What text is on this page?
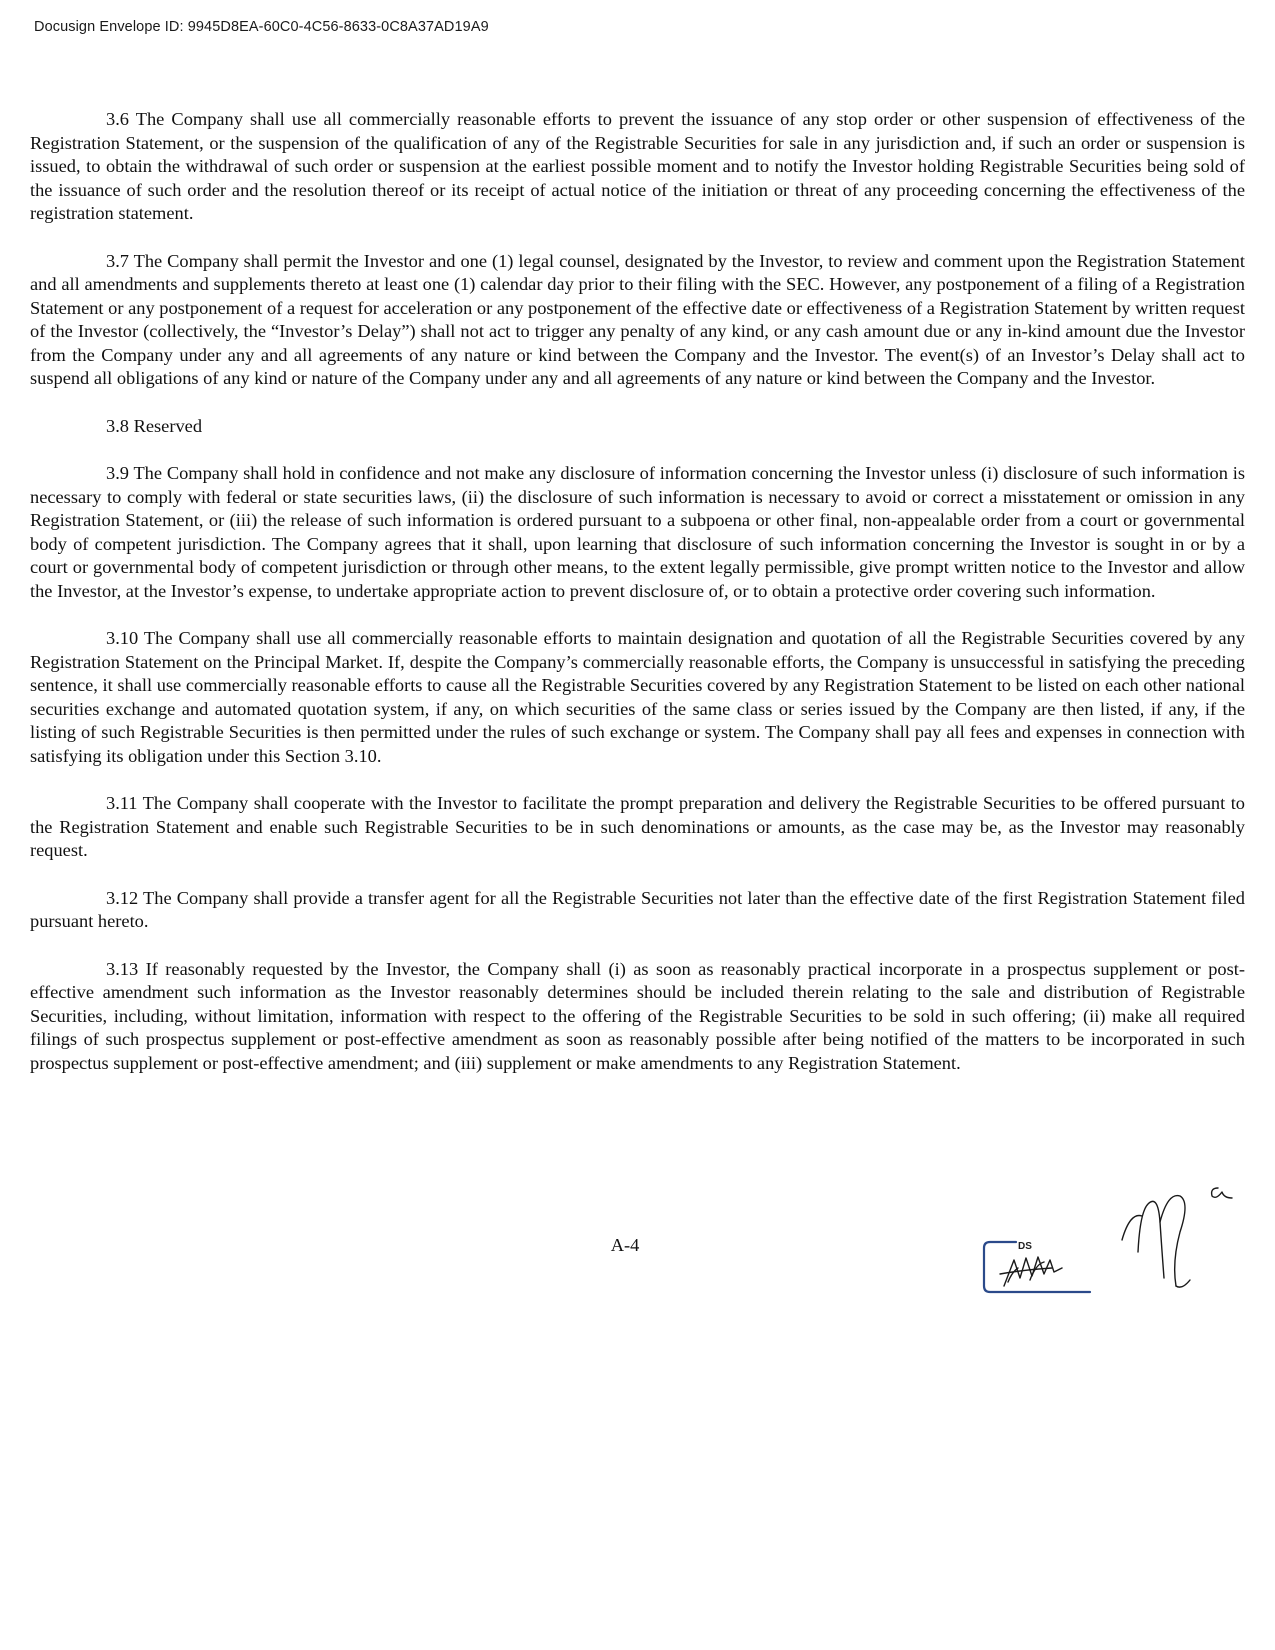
Docusign Envelope ID: 9945D8EA-60C0-4C56-8633-0C8A37AD19A9

3.6 The Company shall use all commercially reasonable efforts to prevent the issuance of any stop order or other suspension of effectiveness of the Registration Statement, or the suspension of the qualification of any of the Registrable Securities for sale in any jurisdiction and, if such an order or suspension is issued, to obtain the withdrawal of such order or suspension at the earliest possible moment and to notify the Investor holding Registrable Securities being sold of the issuance of such order and the resolution thereof or its receipt of actual notice of the initiation or threat of any proceeding concerning the effectiveness of the registration statement.

3.7 The Company shall permit the Investor and one (1) legal counsel, designated by the Investor, to review and comment upon the Registration Statement and all amendments and supplements thereto at least one (1) calendar day prior to their filing with the SEC. However, any postponement of a filing of a Registration Statement or any postponement of a request for acceleration or any postponement of the effective date or effectiveness of a Registration Statement by written request of the Investor (collectively, the “Investor’s Delay”) shall not act to trigger any penalty of any kind, or any cash amount due or any in-kind amount due the Investor from the Company under any and all agreements of any nature or kind between the Company and the Investor. The event(s) of an Investor’s Delay shall act to suspend all obligations of any kind or nature of the Company under any and all agreements of any nature or kind between the Company and the Investor.

3.8 Reserved

3.9 The Company shall hold in confidence and not make any disclosure of information concerning the Investor unless (i) disclosure of such information is necessary to comply with federal or state securities laws, (ii) the disclosure of such information is necessary to avoid or correct a misstatement or omission in any Registration Statement, or (iii) the release of such information is ordered pursuant to a subpoena or other final, non-appealable order from a court or governmental body of competent jurisdiction. The Company agrees that it shall, upon learning that disclosure of such information concerning the Investor is sought in or by a court or governmental body of competent jurisdiction or through other means, to the extent legally permissible, give prompt written notice to the Investor and allow the Investor, at the Investor’s expense, to undertake appropriate action to prevent disclosure of, or to obtain a protective order covering such information.

3.10 The Company shall use all commercially reasonable efforts to maintain designation and quotation of all the Registrable Securities covered by any Registration Statement on the Principal Market. If, despite the Company’s commercially reasonable efforts, the Company is unsuccessful in satisfying the preceding sentence, it shall use commercially reasonable efforts to cause all the Registrable Securities covered by any Registration Statement to be listed on each other national securities exchange and automated quotation system, if any, on which securities of the same class or series issued by the Company are then listed, if any, if the listing of such Registrable Securities is then permitted under the rules of such exchange or system. The Company shall pay all fees and expenses in connection with satisfying its obligation under this Section 3.10.

3.11 The Company shall cooperate with the Investor to facilitate the prompt preparation and delivery the Registrable Securities to be offered pursuant to the Registration Statement and enable such Registrable Securities to be in such denominations or amounts, as the case may be, as the Investor may reasonably request.

3.12 The Company shall provide a transfer agent for all the Registrable Securities not later than the effective date of the first Registration Statement filed pursuant hereto.

3.13 If reasonably requested by the Investor, the Company shall (i) as soon as reasonably practical incorporate in a prospectus supplement or post-effective amendment such information as the Investor reasonably determines should be included therein relating to the sale and distribution of Registrable Securities, including, without limitation, information with respect to the offering of the Registrable Securities to be sold in such offering; (ii) make all required filings of such prospectus supplement or post-effective amendment as soon as reasonably possible after being notified of the matters to be incorporated in such prospectus supplement or post-effective amendment; and (iii) supplement or make amendments to any Registration Statement.

A-4	DS
